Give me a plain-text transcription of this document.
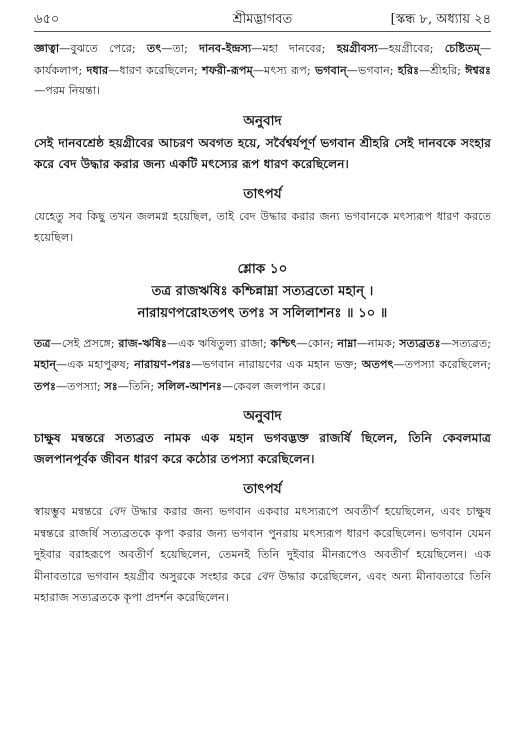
শ্রীমদ্ভাগবত
৬৫০	[স্কন্ধ ৮, অধ্যায় ২৪

জ্ঞাত্বা—বুঝতে পেরে; তৎ—তা; দানব-ইন্দ্রস্য—মহা দানবের; হয়গ্রীবস্য—হয়গ্রীবের; চেষ্টিতম্—কার্যকলাপ; দধার—ধারণ করেছিলেন; শফরী-রূপম্—মৎস্য রূপ; ভগবান্—ভগবান; হরিঃ—শ্রীহরি; ঈশ্বরঃ—পরম নিয়ন্তা।

অনুবাদ

সেই দানবশ্রেষ্ঠ হয়গ্রীবের আচরণ অবগত হয়ে, সর্বৈশ্বর্যপূর্ণ ভগবান শ্রীহরি সেই দানবকে সংহার করে বেদ উদ্ধার করার জন্য একটি মৎস্যের রূপ ধারণ করেছিলেন।

তাৎপর্য

যেহেতু সব কিছু তখন জলমগ্ন হয়েছিল, তাই বেদ উদ্ধার করার জন্য ভগবানকে মৎস্যরূপ ধারণ করতে হয়েছিল।

শ্লোক ১০
তত্র রাজঋষিঃ কশ্চিন্নাম্না সত্যব্রতো মহান্ ।
নারায়ণপরোঽতপৎ তপঃ স সলিলাশনঃ ॥ ১০ ॥

তত্র—সেই প্রসঙ্গে; রাজ-ঋষিঃ—এক ঋষিতুল্য রাজা; কশ্চিৎ—কোন; নাম্না—নামক; সত্যব্রতঃ—সত্যব্রত; মহান্—এক মহাপুরুষ; নারায়ণ-পরঃ—ভগবান নারায়ণের এক মহান ভক্ত; অতপৎ—তপস্যা করেছিলেন; তপঃ—তপস্যা; সঃ—তিনি; সলিল-আশনঃ—কেবল জলপান করে।

অনুবাদ

চাক্ষুষ মন্বন্তরে সত্যব্রত নামক এক মহান ভগবদ্ভক্ত রাজর্ষি ছিলেন, তিনি কেবলমাত্র জলপানপূর্বক জীবন ধারণ করে কঠোর তপস্যা করেছিলেন।

তাৎপর্য

স্বায়ম্ভুব মন্বন্তরে বেদ উদ্ধার করার জন্য ভগবান একবার মৎস্যরূপে অবতীর্ণ হয়েছিলেন, এবং চাক্ষুষ মন্বন্তরে রাজর্ষি সত্যব্রতকে কৃপা করার জন্য ভগবান পুনরায় মৎস্যরূপ ধারণ করেছিলেন। ভগবান যেমন দুইবার বরাহরূপে অবতীর্ণ হয়েছিলেন, তেমনই তিনি দুইবার মীনরূপেও অবতীর্ণ হয়েছিলেন। এক মীনাবতারে ভগবান হয়গ্রীব অসুরকে সংহার করে বেদ উদ্ধার করেছিলেন, এবং অন্য মীনাবতারে তিনি মহারাজ সত্যব্রতকে কৃপা প্রদর্শন করেছিলেন।
